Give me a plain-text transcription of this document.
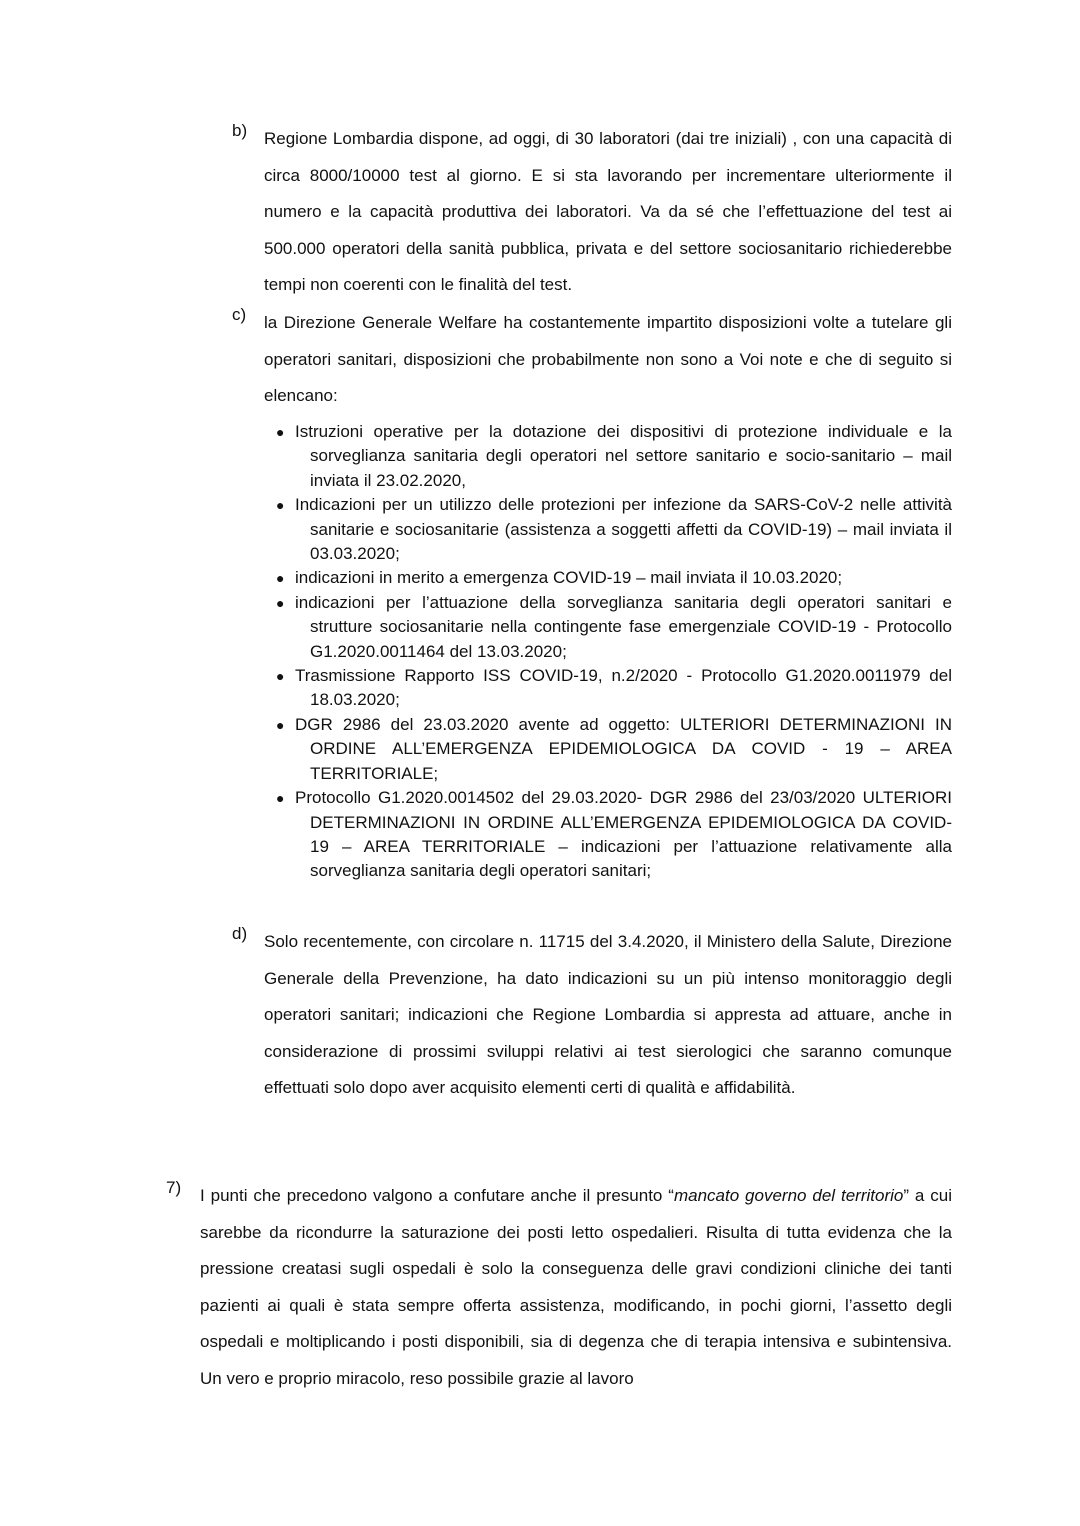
b) Regione Lombardia dispone, ad oggi, di 30 laboratori (dai tre iniziali) , con una capacità di circa 8000/10000 test al giorno. E si sta lavorando per incrementare ulteriormente il numero e la capacità produttiva dei laboratori. Va da sé che l’effettuazione del test ai 500.000 operatori della sanità pubblica, privata e del settore sociosanitario richiederebbe tempi non coerenti con le finalità del test.
c)	la Direzione Generale Welfare ha costantemente impartito disposizioni volte a tutelare gli operatori sanitari, disposizioni che probabilmente non sono a Voi note e che di seguito si elencano:
● Istruzioni operative per la dotazione dei dispositivi di protezione individuale e la sorveglianza sanitaria degli operatori nel settore sanitario e socio-sanitario – mail inviata il 23.02.2020,
● Indicazioni per un utilizzo delle protezioni per infezione da SARS-CoV-2 nelle attività sanitarie e sociosanitarie (assistenza a soggetti affetti da COVID-19) – mail inviata il 03.03.2020;
● indicazioni in merito a emergenza COVID-19 – mail inviata il 10.03.2020;
● indicazioni per l’attuazione della sorveglianza sanitaria degli operatori sanitari e strutture sociosanitarie nella contingente fase emergenziale COVID-19 - Protocollo G1.2020.0011464 del 13.03.2020;
● Trasmissione Rapporto ISS COVID-19, n.2/2020 - Protocollo G1.2020.0011979 del 18.03.2020;
● DGR 2986 del 23.03.2020 avente ad oggetto: ULTERIORI DETERMINAZIONI IN ORDINE ALL’EMERGENZA EPIDEMIOLOGICA DA COVID - 19 – AREA TERRITORIALE;
● Protocollo G1.2020.0014502 del 29.03.2020- DGR 2986 del 23/03/2020 ULTERIORI DETERMINAZIONI IN ORDINE ALL’EMERGENZA EPIDEMIOLOGICA DA COVID-19 – AREA TERRITORIALE – indicazioni per l’attuazione relativamente alla sorveglianza sanitaria degli operatori sanitari;
d) Solo recentemente, con circolare n. 11715 del 3.4.2020, il Ministero della Salute, Direzione Generale della Prevenzione, ha dato indicazioni su un più intenso monitoraggio degli operatori sanitari; indicazioni che Regione Lombardia si appresta ad attuare, anche in considerazione di prossimi sviluppi relativi ai test sierologici che saranno comunque effettuati solo dopo aver acquisito elementi certi di qualità e affidabilità.
7) I punti che precedono valgono a confutare anche il presunto “mancato governo del territorio” a cui sarebbe da ricondurre la saturazione dei posti letto ospedalieri. Risulta di tutta evidenza che la pressione creatasi sugli ospedali è solo la conseguenza delle gravi condizioni cliniche dei tanti pazienti ai quali è stata sempre offerta assistenza, modificando, in pochi giorni, l’assetto degli ospedali e moltiplicando i posti disponibili, sia di degenza che di terapia intensiva e subintensiva. Un vero e proprio miracolo, reso possibile grazie al lavoro
